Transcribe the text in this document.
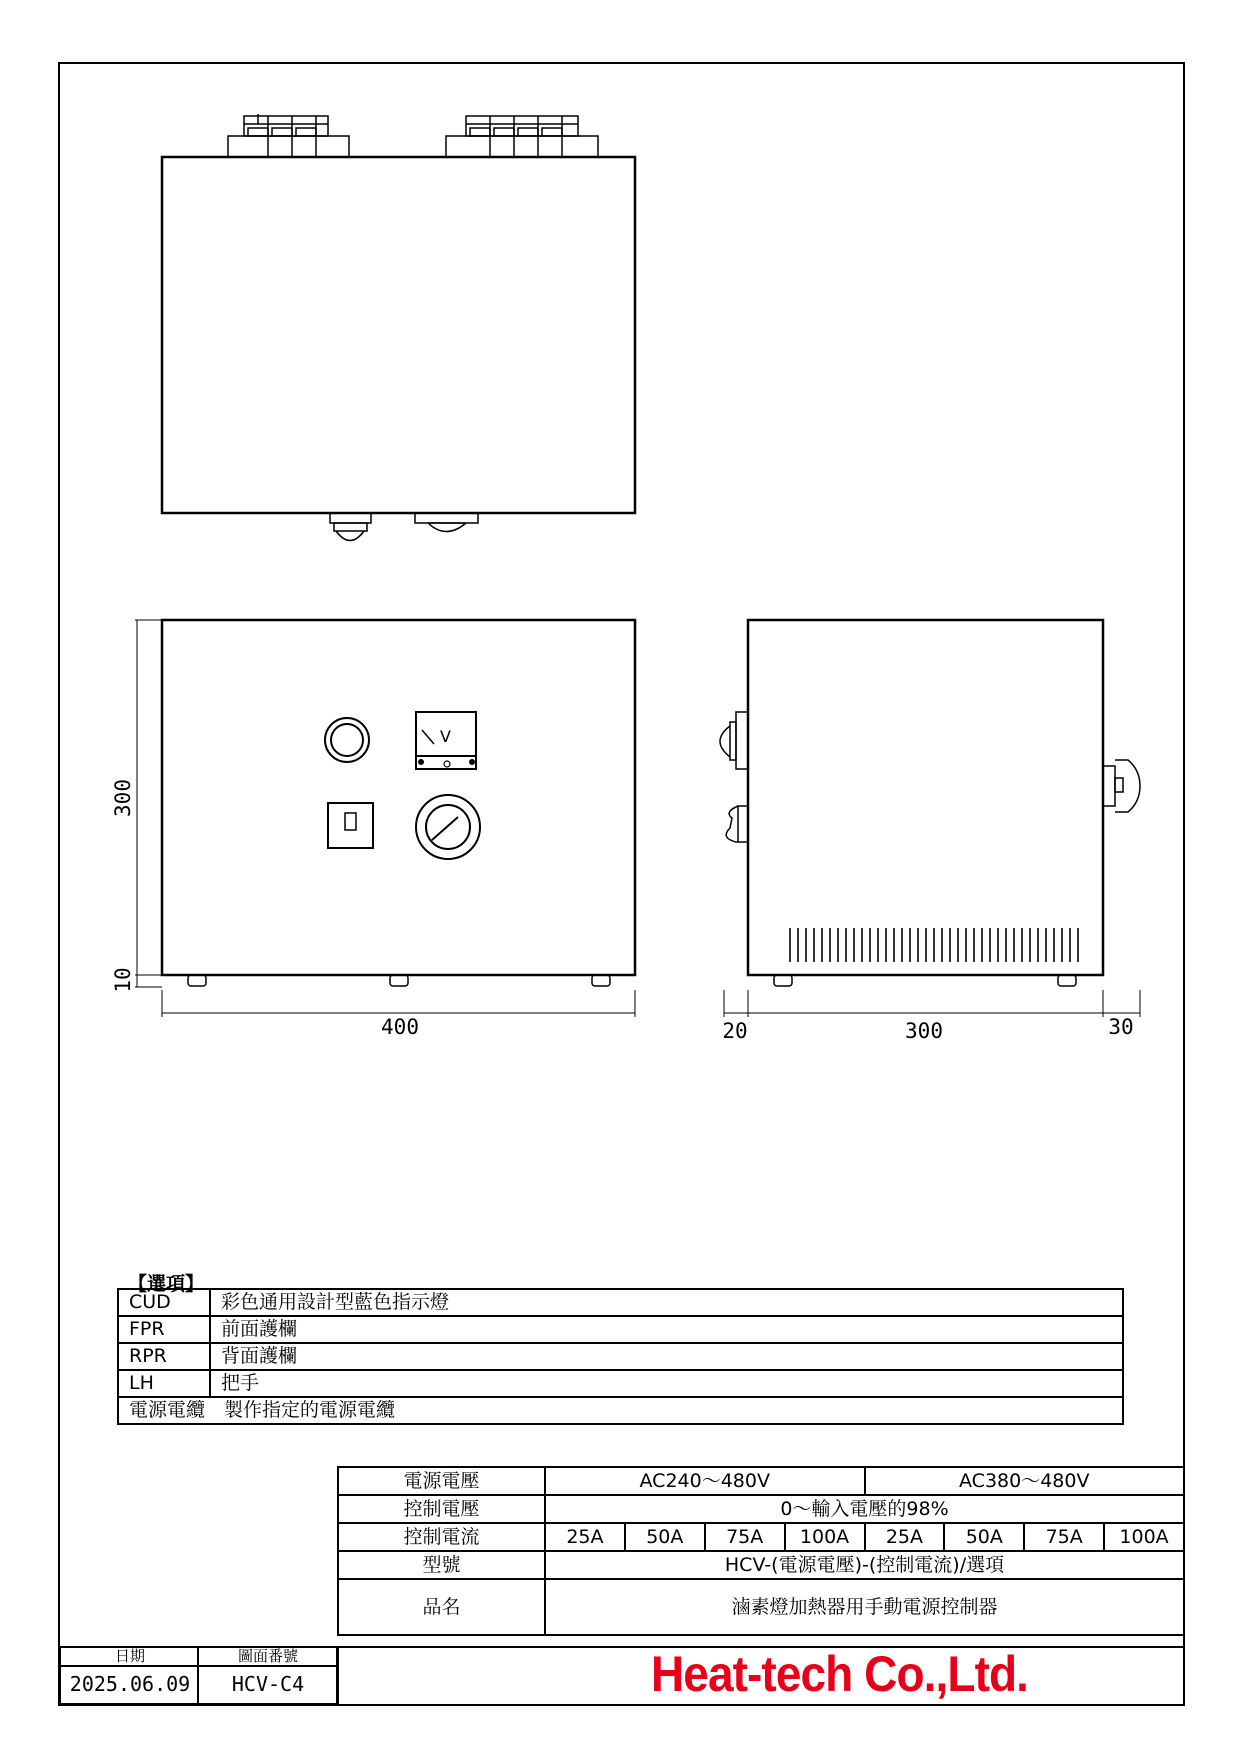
300
10
400	20	300	30
V
【選項】
CUD	彩色通用設計型藍色指示燈
FPR	前面護欄
RPR	背面護欄
LH	把手
電源電纜　製作指定的電源電纜	
電源電壓	AC240～480V				AC380～480V			
控制電壓	0～輸入電壓的98%							
控制電流	25A	50A	75A	100A	25A	50A	75A	100A
型號	HCV-(電源電壓)-(控制電流)/選項							
品名	滷素燈加熱器用手動電源控制器							
日期
2025.06.09
圖面番號
HCV-C4	Heat-tech Co.,Ltd.
